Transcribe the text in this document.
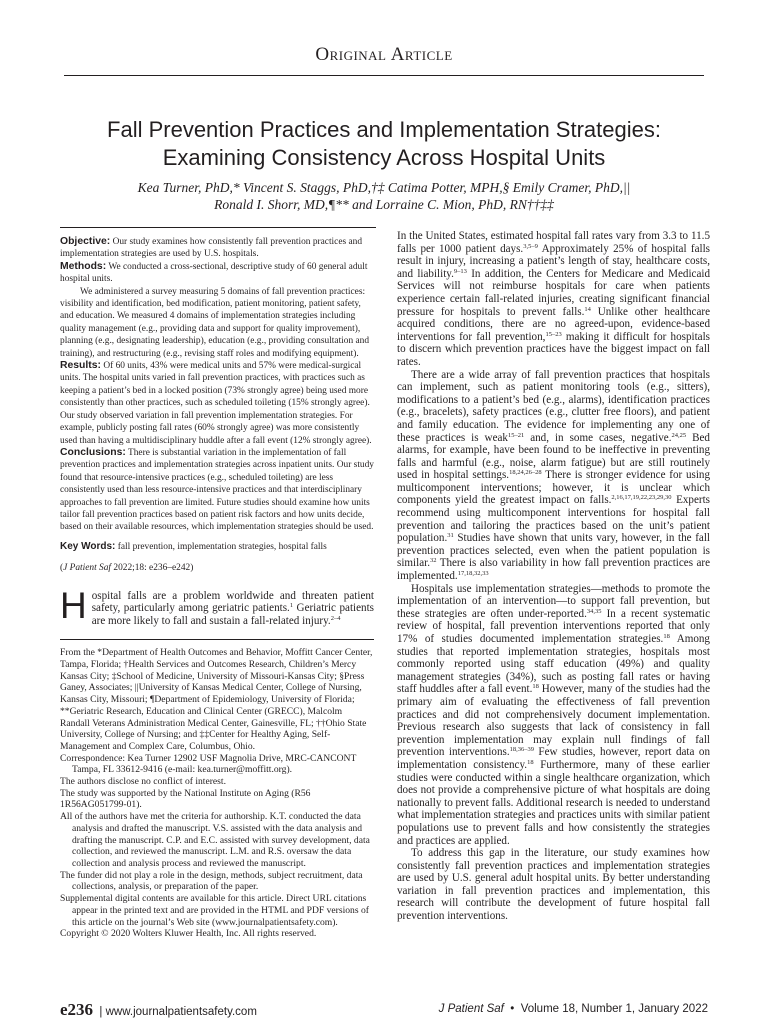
Original Article
Fall Prevention Practices and Implementation Strategies:
Examining Consistency Across Hospital Units
Kea Turner, PhD,* Vincent S. Staggs, PhD,†‡ Catima Potter, MPH,§ Emily Cramer, PhD,||
Ronald I. Shorr, MD,¶** and Lorraine C. Mion, PhD, RN††‡‡

Objective: Our study examines how consistently fall prevention practices and implementation strategies are used by U.S. hospitals.

Methods: We conducted a cross-sectional, descriptive study of 60 general adult hospital units.

We administered a survey measuring 5 domains of fall prevention practices: visibility and identification, bed modification, patient monitoring, patient safety, and education. We measured 4 domains of implementation strategies including quality management (e.g., providing data and support for quality improvement), planning (e.g., designating leadership), education (e.g., providing consultation and training), and restructuring (e.g., revising staff roles and modifying equipment).

Results: Of 60 units, 43% were medical units and 57% were medical-surgical units. The hospital units varied in fall prevention practices, with practices such as keeping a patient’s bed in a locked position (73% strongly agree) being used more consistently than other practices, such as scheduled toileting (15% strongly agree). Our study observed variation in fall prevention implementation strategies. For example, publicly posting fall rates (60% strongly agree) was more consistently used than having a multidisciplinary huddle after a fall event (12% strongly agree).

Conclusions: There is substantial variation in the implementation of fall prevention practices and implementation strategies across inpatient units. Our study found that resource-intensive practices (e.g., scheduled toileting) are less consistently used than less resource-intensive practices and that interdisciplinary approaches to fall prevention are limited. Future studies should examine how units tailor fall prevention practices based on patient risk factors and how units decide, based on their available resources, which implementation strategies should be used.

Key Words: fall prevention, implementation strategies, hospital falls
(J Patient Saf 2022;18: e236–e242)
Hospital falls are a problem worldwide and threaten patient safety, particularly among geriatric patients.$^1$ Geriatric patients are more likely to fall and sustain a fall-related injury.$^{2-4}$

From the *Department of Health Outcomes and Behavior, Moffitt Cancer Center, Tampa, Florida; †Health Services and Outcomes Research, Children’s Mercy Kansas City; ‡School of Medicine, University of Missouri-Kansas City; §Press Ganey, Associates; ||University of Kansas Medical Center, College of Nursing, Kansas City, Missouri; ¶Department of Epidemiology, University of Florida; **Geriatric Research, Education and Clinical Center (GRECC), Malcolm Randall Veterans Administration Medical Center, Gainesville, FL; ††Ohio State University, College of Nursing; and ‡‡Center for Healthy Aging, Self-Management and Complex Care, Columbus, Ohio.

Correspondence: Kea Turner 12902 USF Magnolia Drive, MRC-CANCONT Tampa, FL 33612-9416 (e-mail: kea.turner@moffitt.org).

The authors disclose no conflict of interest.

The study was supported by the National Institute on Aging (R56 1R56AG051799-01).

All of the authors have met the criteria for authorship. K.T. conducted the data analysis and drafted the manuscript. V.S. assisted with the data analysis and drafting the manuscript. C.P. and E.C. assisted with survey development, data collection, and reviewed the manuscript. L.M. and R.S. oversaw the data collection and analysis process and reviewed the manuscript.

The funder did not play a role in the design, methods, subject recruitment, data collections, analysis, or preparation of the paper.

Supplemental digital contents are available for this article. Direct URL citations appear in the printed text and are provided in the HTML and PDF versions of this article on the journal’s Web site (www.journalpatientsafety.com).

Copyright © 2020 Wolters Kluwer Health, Inc. All rights reserved.

In the United States, estimated hospital fall rates vary from 3.3 to 11.5 falls per 1000 patient days.$^{3,5-9}$ Approximately 25% of hospital falls result in injury, increasing a patient’s length of stay, healthcare costs, and liability.$^{9-13}$ In addition, the Centers for Medicare and Medicaid Services will not reimburse hospitals for care when patients experience certain fall-related injuries, creating significant financial pressure for hospitals to prevent falls.$^{14}$ Unlike other healthcare acquired conditions, there are no agreed-upon, evidence-based interventions for fall prevention,$^{15-23}$ making it difficult for hospitals to discern which prevention practices have the biggest impact on fall rates.

There are a wide array of fall prevention practices that hospitals can implement, such as patient monitoring tools (e.g., sitters), modifications to a patient’s bed (e.g., alarms), identification practices (e.g., bracelets), safety practices (e.g., clutter free floors), and patient and family education. The evidence for implementing any one of these practices is weak$^{15-21}$ and, in some cases, negative.$^{24,25}$ Bed alarms, for example, have been found to be ineffective in preventing falls and harmful (e.g., noise, alarm fatigue) but are still routinely used in hospital settings.$^{18,24,26-28}$ There is stronger evidence for using multicomponent interventions; however, it is unclear which components yield the greatest impact on falls.$^{2,16,17,19,22,23,29,30}$ Experts recommend using multicomponent interventions for hospital fall prevention and tailoring the practices based on the unit’s patient population.$^{31}$ Studies have shown that units vary, however, in the fall prevention practices selected, even when the patient population is similar.$^{32}$ There is also variability in how fall prevention practices are implemented.$^{17,18,32,33}$

Hospitals use implementation strategies—methods to promote the implementation of an intervention—to support fall prevention, but these strategies are often under-reported.$^{34,35}$ In a recent systematic review of hospital, fall prevention interventions reported that only 17% of studies documented implementation strategies.$^{18}$ Among studies that reported implementation strategies, hospitals most commonly reported using staff education (49%) and quality management strategies (34%), such as posting fall rates or having staff huddles after a fall event.$^{18}$ However, many of the studies had the primary aim of evaluating the effectiveness of fall prevention practices and did not comprehensively document implementation. Previous research also suggests that lack of consistency in fall prevention implementation may explain null findings of fall prevention interventions.$^{18,36-39}$ Few studies, however, report data on implementation consistency.$^{18}$ Furthermore, many of these earlier studies were conducted within a single healthcare organization, which does not provide a comprehensive picture of what hospitals are doing nationally to prevent falls. Additional research is needed to understand what implementation strategies and practices units with similar patient populations use to prevent falls and how consistently the strategies and practices are applied.

To address this gap in the literature, our study examines how consistently fall prevention practices and implementation strategies are used by U.S. general adult hospital units. By better understanding variation in fall prevention practices and implementation, this research will contribute the development of future hospital fall prevention interventions.

e236  | www.journalpatientsafety.com	J Patient Saf • Volume 18, Number 1, January 2022
